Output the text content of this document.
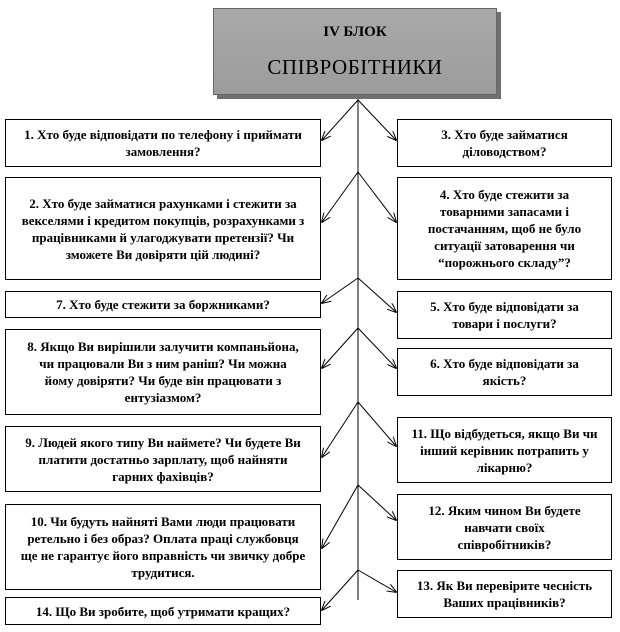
IV БЛОК
СПІВРОБІТНИКИ
1. Хто буде відповідати по телефону і приймати замовлення?
2. Хто буде займатися рахунками і стежити за векселями і кредитом покупців, розрахунками з працівниками й улагоджувати претензії? Чи зможете Ви довіряти цій людині?
7. Хто буде стежити за боржниками?
8. Якщо Ви вирішили залучити компаньйона, чи працювали Ви з ним раніш? Чи можна йому довіряти? Чи буде він працювати з ентузіазмом?
9. Людей якого типу Ви наймете? Чи будете Ви платити достатньо зарплату, щоб найняти гарних фахівців?
10. Чи будуть найняті Вами люди працювати ретельно і без образ? Оплата праці службовця ще не гарантує його вправність чи звичку добре трудитися.
14. Що Ви зробите, щоб утримати кращих?
3. Хто буде займатися діловодством?
4. Хто буде стежити за товарними запасами і постачанням, щоб не було ситуації затоварення чи “порожнього складу”?
5. Хто буде відповідати за товари і послуги?
6. Хто буде відповідати за якість?
11. Що відбудеться, якщо Ви чи інший керівник потрапить у лікарню?
12. Яким чином Ви будете навчати своїх співробітників?
13. Як Ви перевірите чесність Ваших працівників?
